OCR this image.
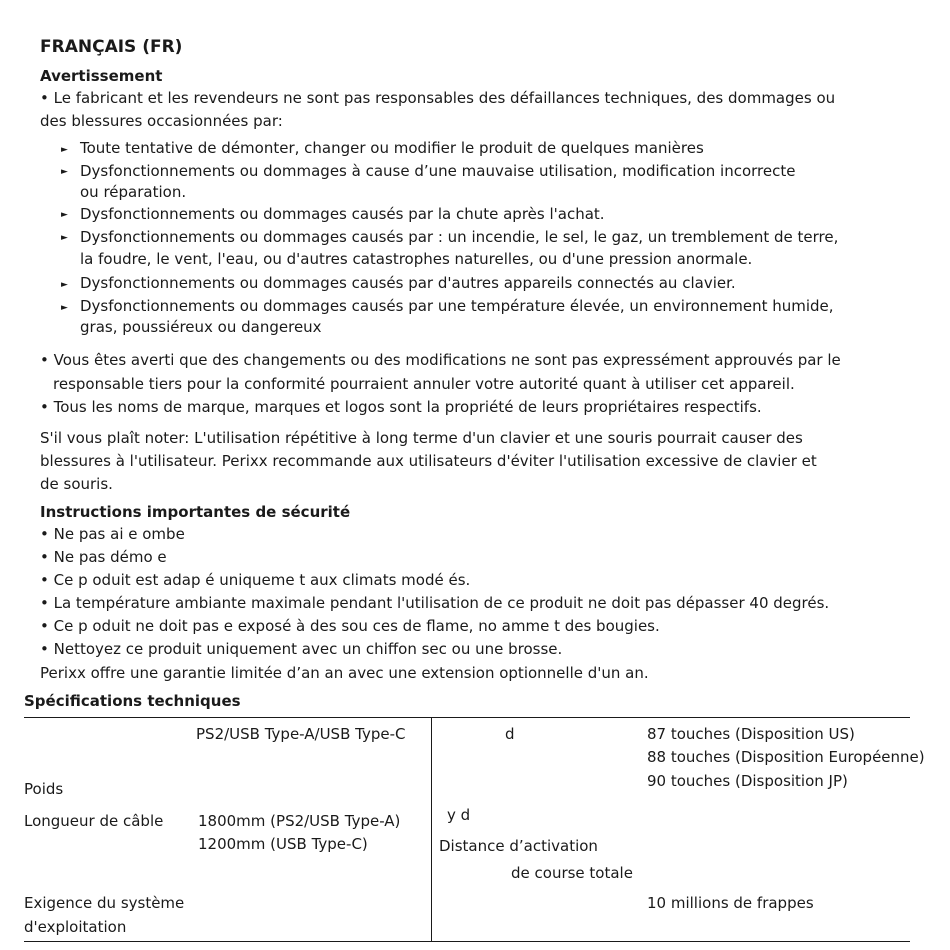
FRANÇAIS (FR)
Avertissement
• Le fabricant et les revendeurs ne sont pas responsables des défaillances techniques, des dommages ou
des blessures occasionnées par:
► Toute tentative de démonter, changer ou modifier le produit de quelques manières
► Dysfonctionnements ou dommages à cause d’une mauvaise utilisation, modification incorrecte
ou réparation.
► Dysfonctionnements ou dommages causés par la chute après l'achat.
► Dysfonctionnements ou dommages causés par : un incendie, le sel, le gaz, un tremblement de terre,
la foudre, le vent, l'eau, ou d'autres catastrophes naturelles, ou d'une pression anormale.
► Dysfonctionnements ou dommages causés par d'autres appareils connectés au clavier.
► Dysfonctionnements ou dommages causés par une température élevée, un environnement humide,
gras, poussiéreux ou dangereux
• Vous êtes averti que des changements ou des modifications ne sont pas expressément approuvés par le
responsable tiers pour la conformité pourraient annuler votre autorité quant à utiliser cet appareil.
• Tous les noms de marque, marques et logos sont la propriété de leurs propriétaires respectifs.
S'il vous plaît noter: L'utilisation répétitive à long terme d'un clavier et une souris pourrait causer des
blessures à l'utilisateur. Perixx recommande aux utilisateurs d'éviter l'utilisation excessive de clavier et
de souris.
Instructions importantes de sécurité
• Ne pas ai e ombe
• Ne pas démo e
• Ce p oduit est adap é uniqueme t aux climats modé és.
• La température ambiante maximale pendant l'utilisation de ce produit ne doit pas dépasser 40 degrés.
• Ce p oduit ne doit pas e exposé à des sou ces de flame, no amme t des bougies.
• Nettoyez ce produit uniquement avec un chiffon sec ou une brosse.
Perixx offre une garantie limitée d’an an avec une extension optionnelle d'un an.
Spécifications techniques
PS2/USB Type-A/USB Type-C	d	87 touches (Disposition US)
88 touches (Disposition Européenne)
90 touches (Disposition JP)
Poids
Longueur de câble 1800mm (PS2/USB Type-A)
1200mm (USB Type-C)
y d
Distance d’activation
de course totale
Exigence du système
d'exploitation
10 millions de frappes
